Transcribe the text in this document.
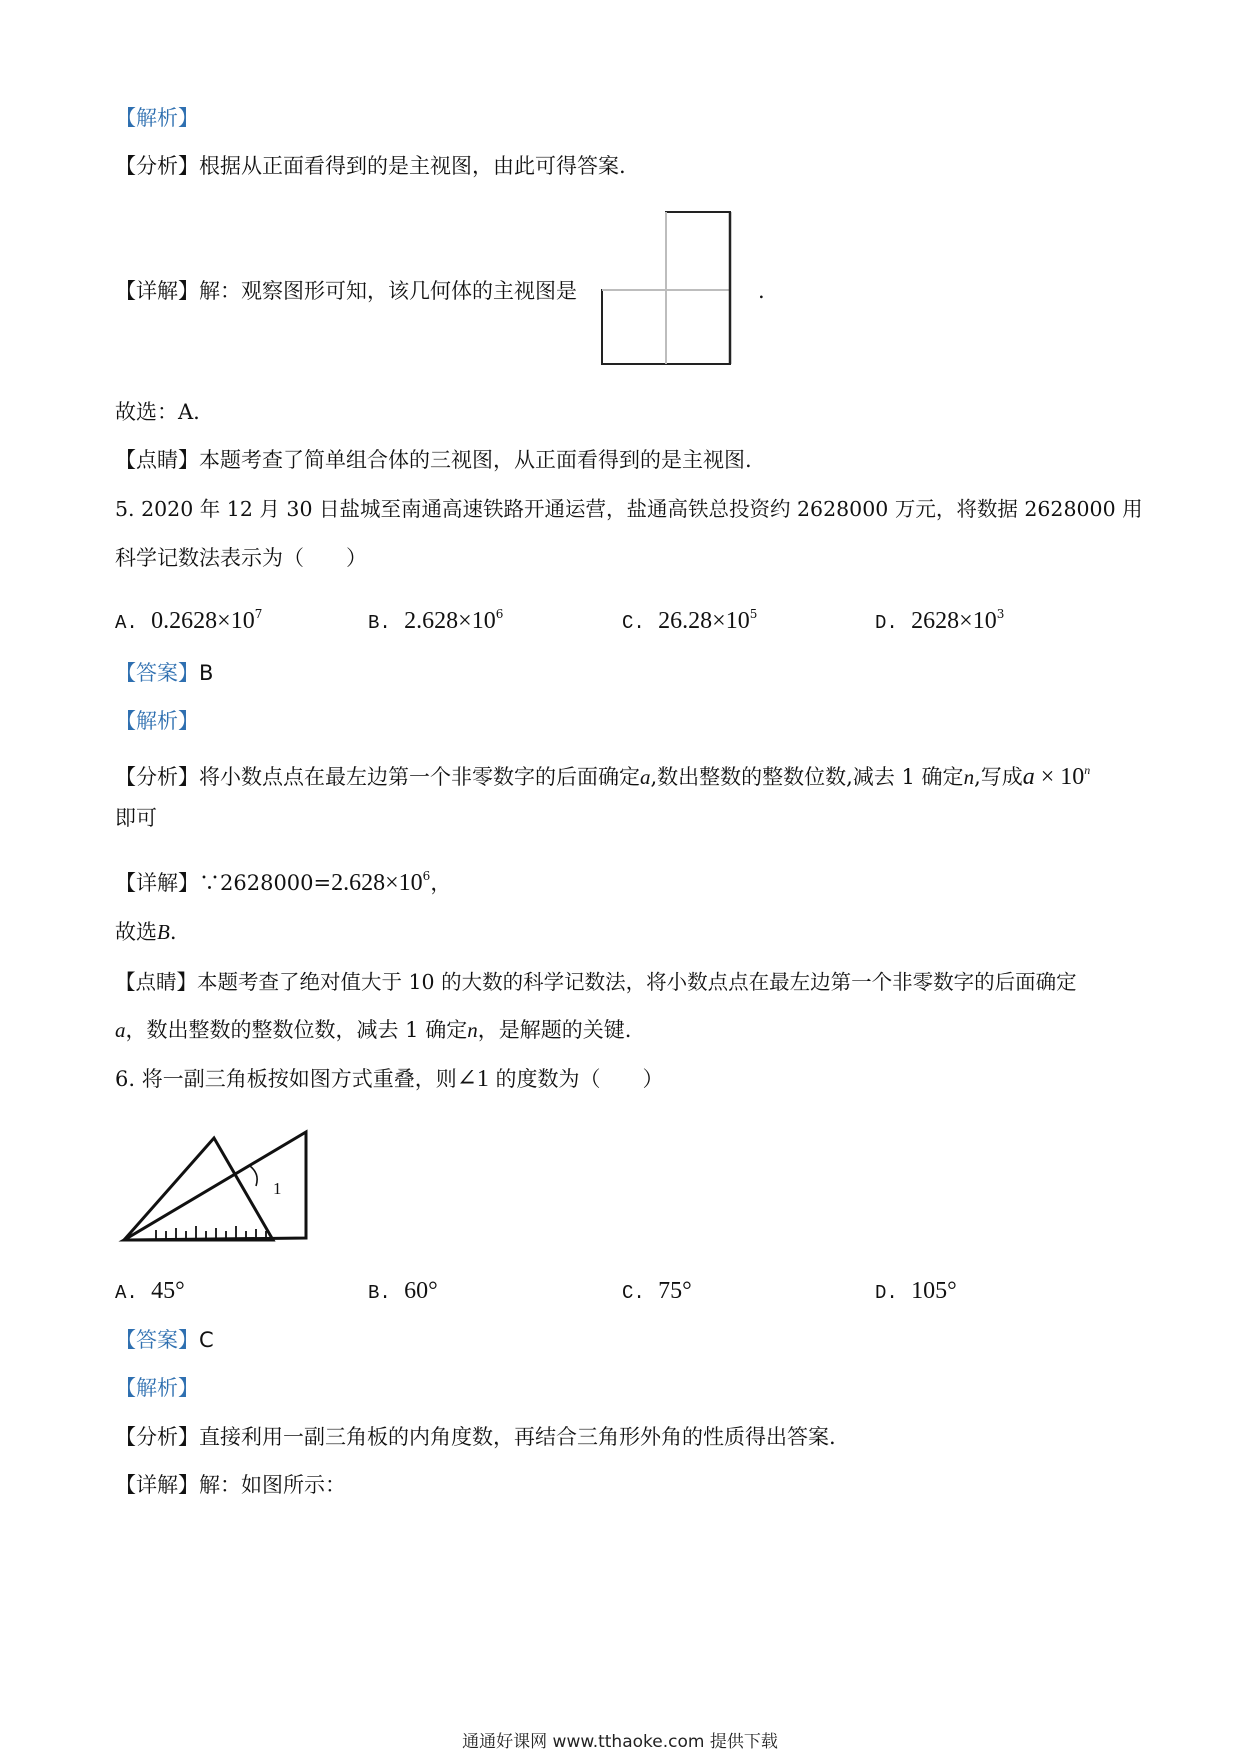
【解析】
【分析】根据从正面看得到的是主视图，由此可得答案.
【详解】解：观察图形可知，该几何体的主视图是	.
故选：A.
【点睛】本题考查了简单组合体的三视图，从正面看得到的是主视图.
5. 2020 年 12 月 30 日盐城至南通高速铁路开通运营，盐通高铁总投资约 2628000 万元，将数据 2628000 用
科学记数法表示为（　　）
A. $0.2628\times 10^7$	B. $2.628\times 10^6$	C. $26.28\times 10^5$	D. $2628\times 10^3$
【答案】B
【解析】
【分析】将小数点点在最左边第一个非零数字的后面确定a,数出整数的整数位数,减去 1 确定n,写成$a \times 10^n$
即可
【详解】$\because 2628000=2.628\times 10^6$，
故选B.
【点睛】本题考查了绝对值大于 10 的大数的科学记数法，将小数点点在最左边第一个非零数字的后面确定
a，数出整数的整数位数，减去 1 确定n，是解题的关键.
6. 将一副三角板按如图方式重叠，则∠1 的度数为（　　）
1
A. 45°	B. 60°	C. 75°	D. 105°
【答案】C
【解析】
【分析】直接利用一副三角板的内角度数，再结合三角形外角的性质得出答案.
【详解】解：如图所示：
通通好课网 www.tthaoke.com 提供下载
